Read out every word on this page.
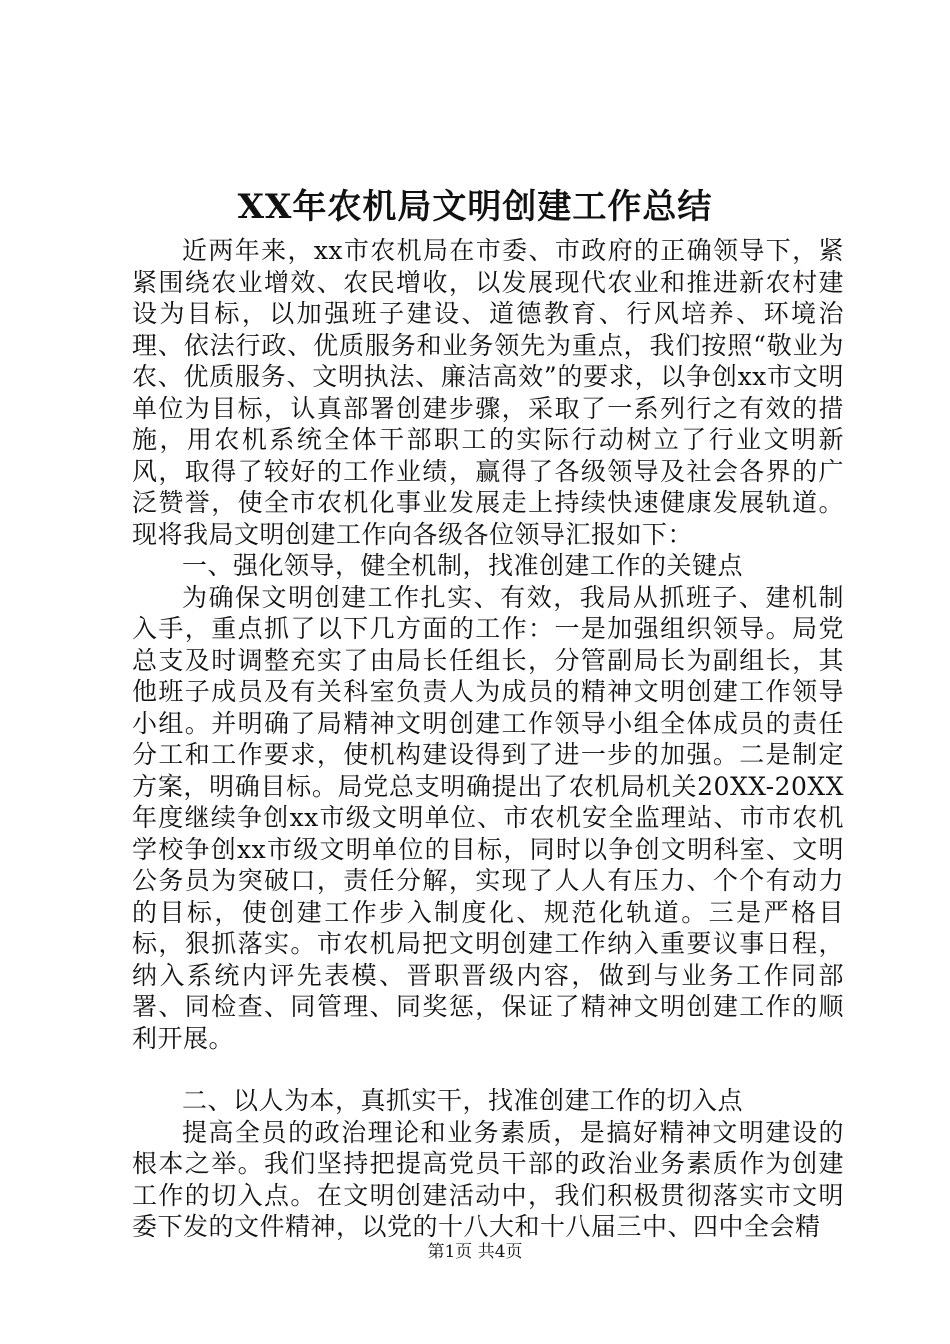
XX年农机局文明创建工作总结

近两年来，xx市农机局在市委、市政府的正确领导下，紧紧围绕农业增效、农民增收，以发展现代农业和推进新农村建设为目标，以加强班子建设、道德教育、行风培养、环境治理、依法行政、优质服务和业务领先为重点，我们按照“敬业为农、优质服务、文明执法、廉洁高效”的要求，以争创xx市文明单位为目标，认真部署创建步骤，采取了一系列行之有效的措施，用农机系统全体干部职工的实际行动树立了行业文明新风，取得了较好的工作业绩，赢得了各级领导及社会各界的广泛赞誉，使全市农机化事业发展走上持续快速健康发展轨道。现将我局文明创建工作向各级各位领导汇报如下：

一、强化领导，健全机制，找准创建工作的关键点

为确保文明创建工作扎实、有效，我局从抓班子、建机制入手，重点抓了以下几方面的工作：一是加强组织领导。局党总支及时调整充实了由局长任组长，分管副局长为副组长，其他班子成员及有关科室负责人为成员的精神文明创建工作领导小组。并明确了局精神文明创建工作领导小组全体成员的责任分工和工作要求，使机构建设得到了进一步的加强。二是制定方案，明确目标。局党总支明确提出了农机局机关20XX-20XX年度继续争创xx市级文明单位、市农机安全监理站、市市农机学校争创xx市级文明单位的目标，同时以争创文明科室、文明公务员为突破口，责任分解，实现了人人有压力、个个有动力的目标，使创建工作步入制度化、规范化轨道。三是严格目标，狠抓落实。市农机局把文明创建工作纳入重要议事日程，纳入系统内评先表模、晋职晋级内容，做到与业务工作同部署、同检查、同管理、同奖惩，保证了精神文明创建工作的顺利开展。

二、以人为本，真抓实干，找准创建工作的切入点

提高全员的政治理论和业务素质，是搞好精神文明建设的根本之举。我们坚持把提高党员干部的政治业务素质作为创建工作的切入点。在文明创建活动中，我们积极贯彻落实市文明委下发的文件精神，以党的十八大和十八届三中、四中全会精

第1页 共4页
